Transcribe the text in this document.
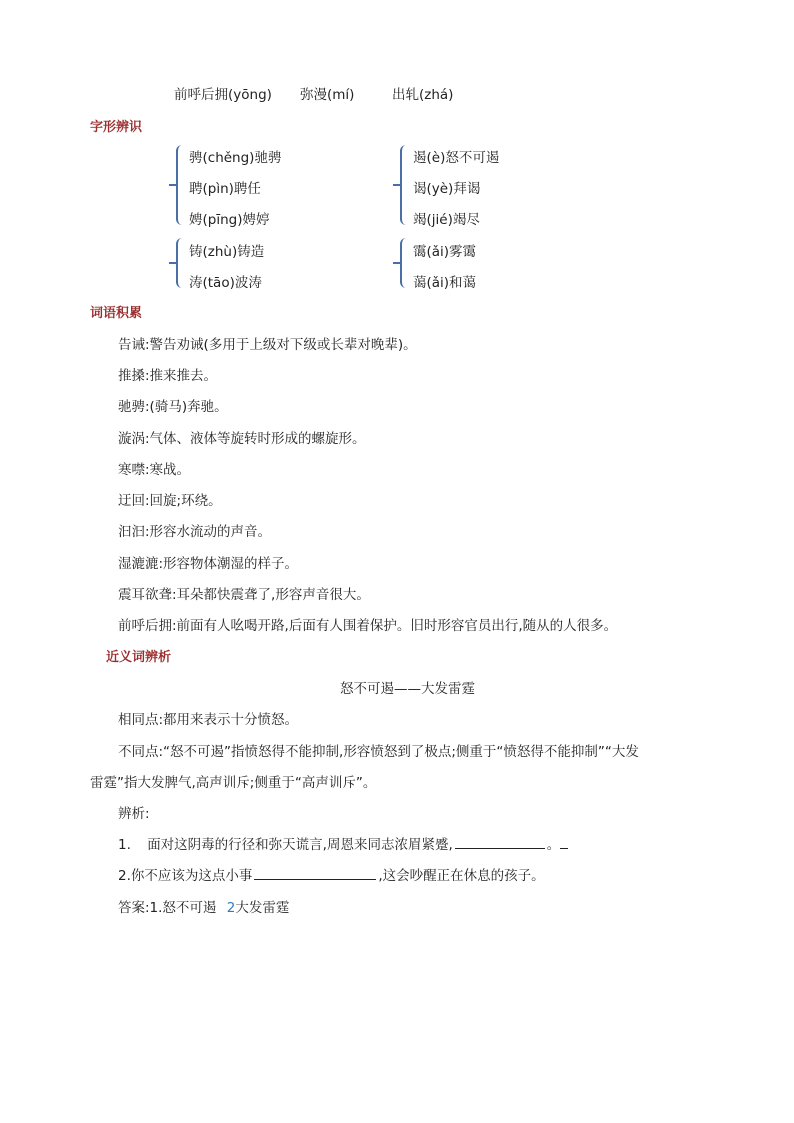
前呼后拥(yōng) 弥漫(mí)	出轧(zhá)
字形辨识
骋(chěng)驰骋
聘(pìn)聘任
娉(pīng)娉婷
遏(è)怒不可遏
谒(yè)拜谒
竭(jié)竭尽
铸(zhù)铸造
涛(tāo)波涛
霭(ǎi)雾霭
蔼(ǎi)和蔼
词语积累
告诫:警告劝诫(多用于上级对下级或长辈对晚辈)。
推搡:推来推去。
驰骋:(骑马)奔驰。
漩涡:气体、液体等旋转时形成的螺旋形。
寒噤:寒战。
迂回:回旋;环绕。
汩汩:形容水流动的声音。
湿漉漉:形容物体潮湿的样子。
震耳欲聋:耳朵都快震聋了,形容声音很大。
前呼后拥:前面有人吆喝开路,后面有人围着保护。旧时形容官员出行,随从的人很多。
近义词辨析
怒不可遏——大发雷霆
相同点:都用来表示十分愤怒。
不同点:“怒不可遏”指愤怒得不能抑制,形容愤怒到了极点;侧重于“愤怒得不能抑制”“大发
雷霆”指大发脾气,高声训斥;侧重于“高声训斥”。
辨析:
1. 面对这阴毒的行径和弥天谎言,周恩来同志浓眉紧蹙,	。
2.你不应该为这点小事	,这会吵醒正在休息的孩子。
答案:1.怒不可遏 2大发雷霆
